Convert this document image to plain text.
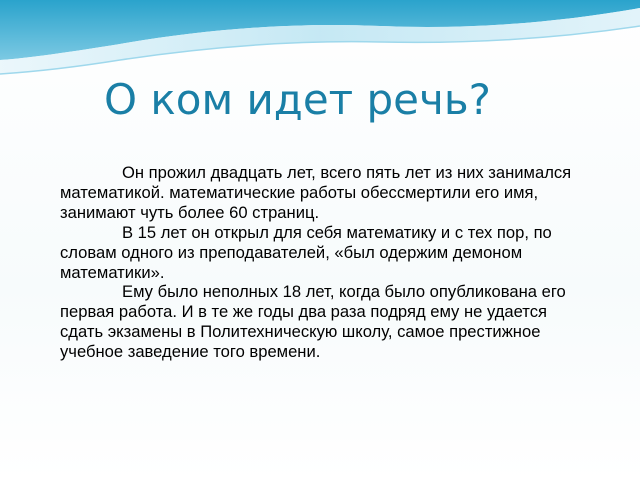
О ком идет речь?

Он прожил двадцать лет, всего пять лет из них занимался математикой. математические работы обессмертили его имя, занимают чуть более 60 страниц.

В 15 лет он открыл для себя математику и с тех пор, по словам одного из преподавателей, «был одержим демоном математики».

Ему было неполных 18 лет, когда было опубликована его первая работа. И в те же годы два раза подряд ему не удается сдать экзамены в Политехническую школу, самое престижное учебное заведение того времени.
